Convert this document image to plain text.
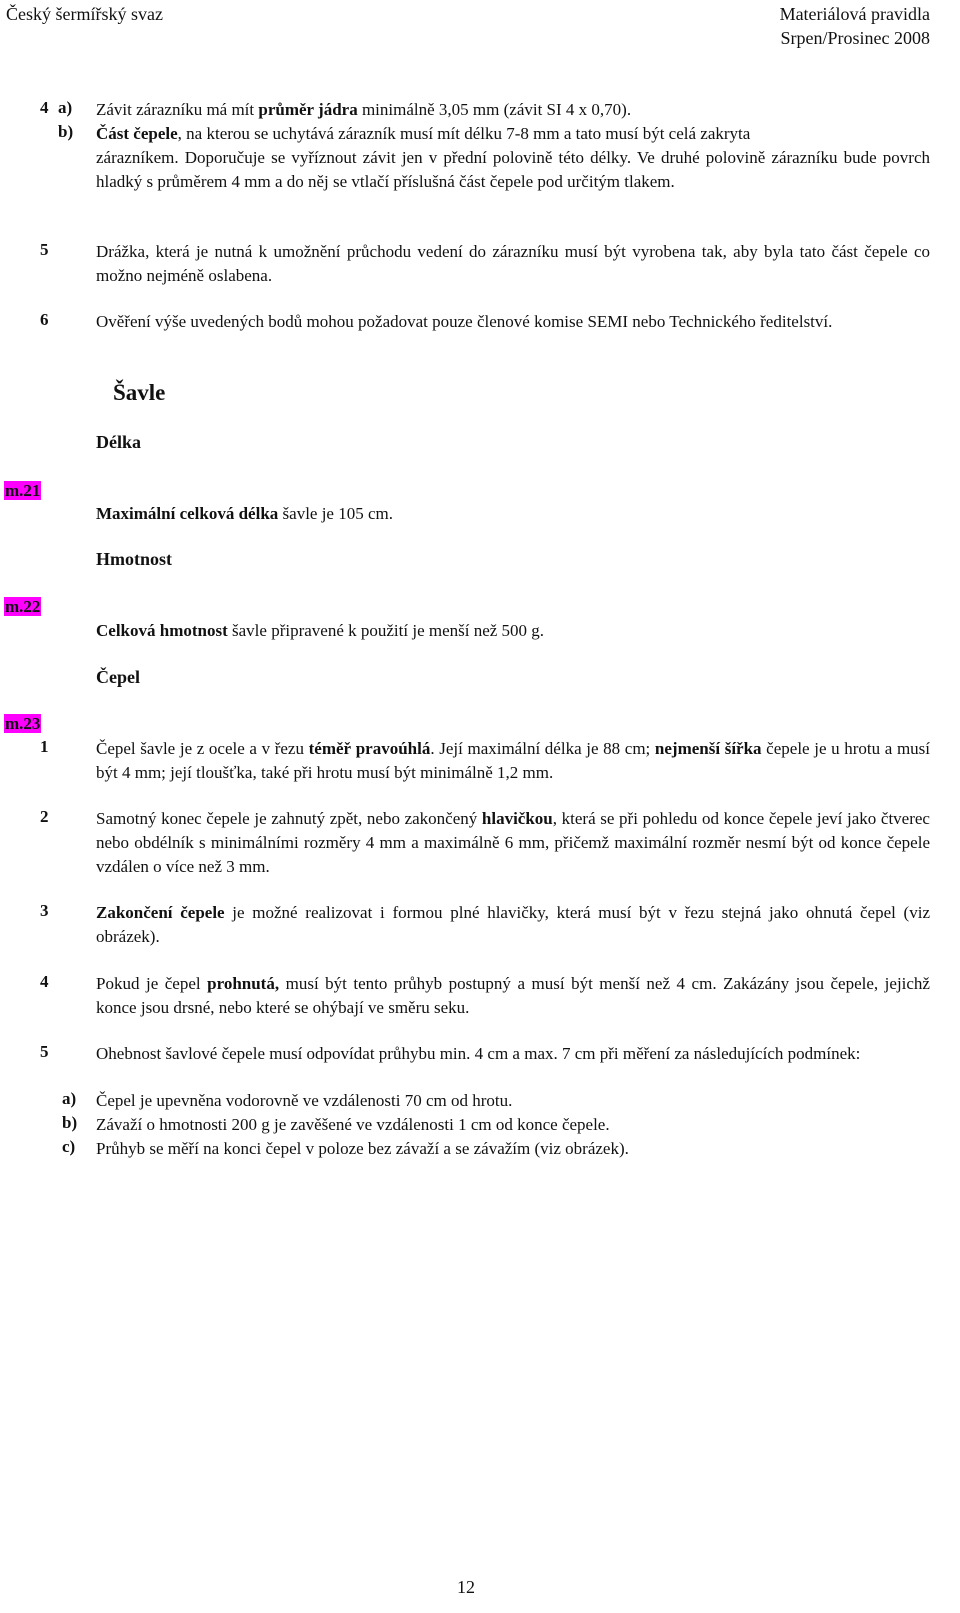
Český šermířský svaz	Materiálová pravidla
Srpen/Prosinec 2008
4 a) Závit zárazníku má mít průměr jádra minimálně 3,05 mm (závit SI 4 x 0,70).
b) Část čepele, na kterou se uchytává zárazník musí mít délku 7-8 mm a tato musí být celá zakryta
zárazníkem. Doporučuje se vyříznout závit jen v přední polovině této délky. Ve druhé polovině zárazníku bude povrch hladký s průměrem 4 mm a do něj se vtlačí příslušná část čepele pod určitým tlakem.
5	Drážka, která je nutná k umožnění průchodu vedení do zárazníku musí být vyrobena tak, aby byla tato část čepele co možno nejméně oslabena.
6	Ověření výše uvedených bodů mohou požadovat pouze členové komise SEMI nebo Technického ředitelství.
Šavle
Délka
m.21
Maximální celková délka šavle je 105 cm.
Hmotnost
m.22
Celková hmotnost šavle připravené k použití je menší než 500 g.
Čepel
m.23
1	Čepel šavle je z ocele a v řezu téměř pravoúhlá. Její maximální délka je 88 cm; nejmenší šířka čepele je u hrotu a musí být 4 mm; její tloušťka, také při hrotu musí být minimálně 1,2 mm.
2	Samotný konec čepele je zahnutý zpět, nebo zakončený hlavičkou, která se při pohledu od konce čepele jeví jako čtverec nebo obdélník s minimálními rozměry 4 mm a maximálně 6 mm, přičemž maximální rozměr nesmí být od konce čepele vzdálen o více než 3 mm.
3	Zakončení čepele je možné realizovat i formou plné hlavičky, která musí být v řezu stejná jako ohnutá čepel (viz obrázek).
4	Pokud je čepel prohnutá, musí být tento průhyb postupný a musí být menší než 4 cm. Zakázány jsou čepele, jejichž konce jsou drsné, nebo které se ohýbají ve směru seku.
5	Ohebnost šavlové čepele musí odpovídat průhybu min. 4 cm a max. 7 cm při měření za následujících podmínek:
a) Čepel je upevněna vodorovně ve vzdálenosti 70 cm od hrotu.
b) Závaží o hmotnosti 200 g je zavěšené ve vzdálenosti 1 cm od konce čepele.
c) Průhyb se měří na konci čepel v poloze bez závaží a se závažím (viz obrázek).
12
